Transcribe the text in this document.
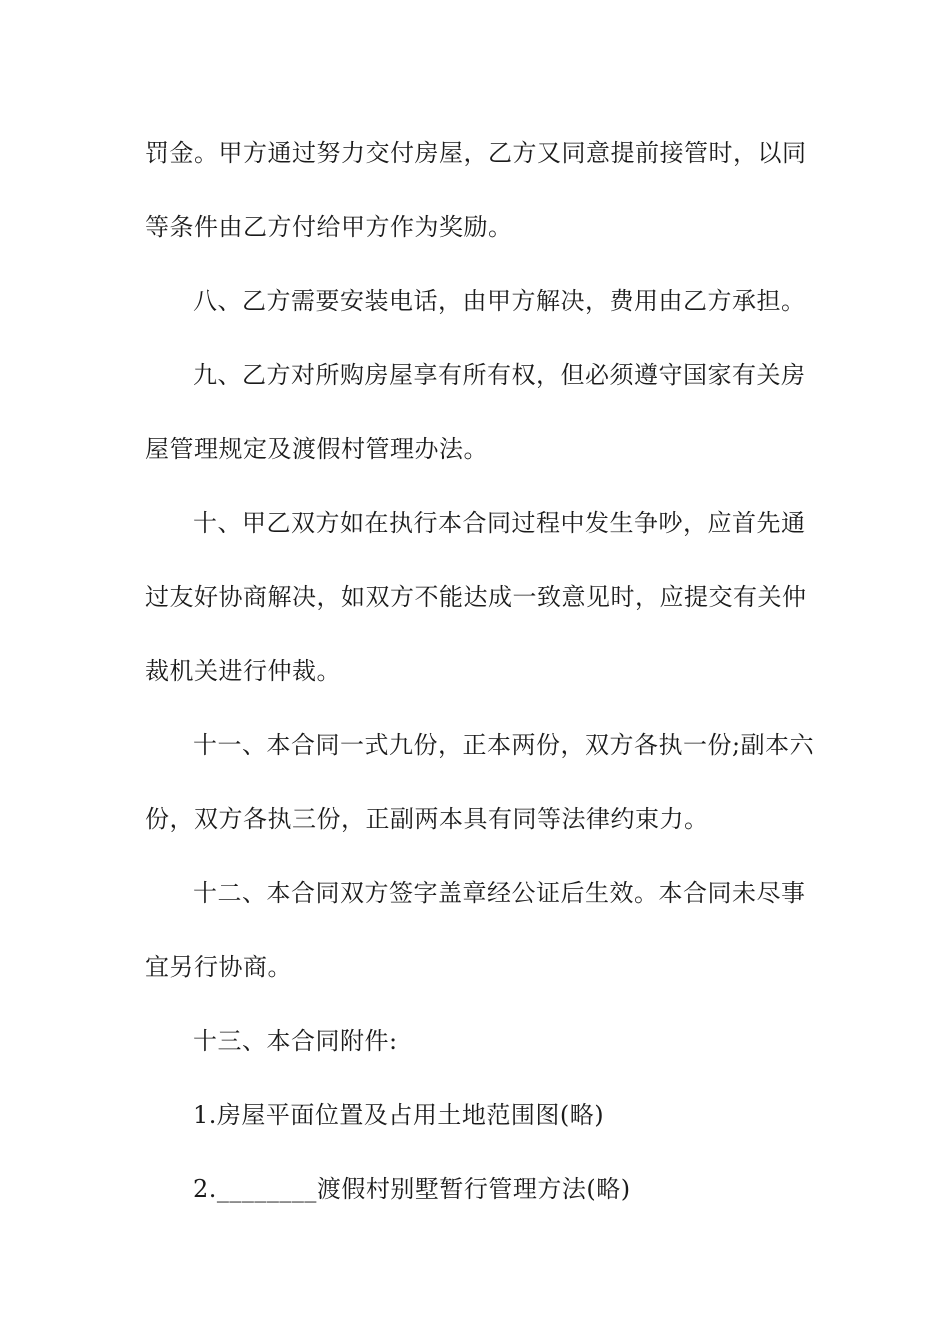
罚金。甲方通过努力交付房屋，乙方又同意提前接管时，以同
等条件由乙方付给甲方作为奖励。
八、乙方需要安装电话，由甲方解决，费用由乙方承担。
九、乙方对所购房屋享有所有权，但必须遵守国家有关房
屋管理规定及渡假村管理办法。
十、甲乙双方如在执行本合同过程中发生争吵，应首先通
过友好协商解决，如双方不能达成一致意见时，应提交有关仲
裁机关进行仲裁。
十一、本合同一式九份，正本两份，双方各执一份;副本六
份，双方各执三份，正副两本具有同等法律约束力。
十二、本合同双方签字盖章经公证后生效。本合同未尽事
宜另行协商。
十三、本合同附件:
1.房屋平面位置及占用土地范围图(略)
2.________渡假村别墅暂行管理方法(略)
